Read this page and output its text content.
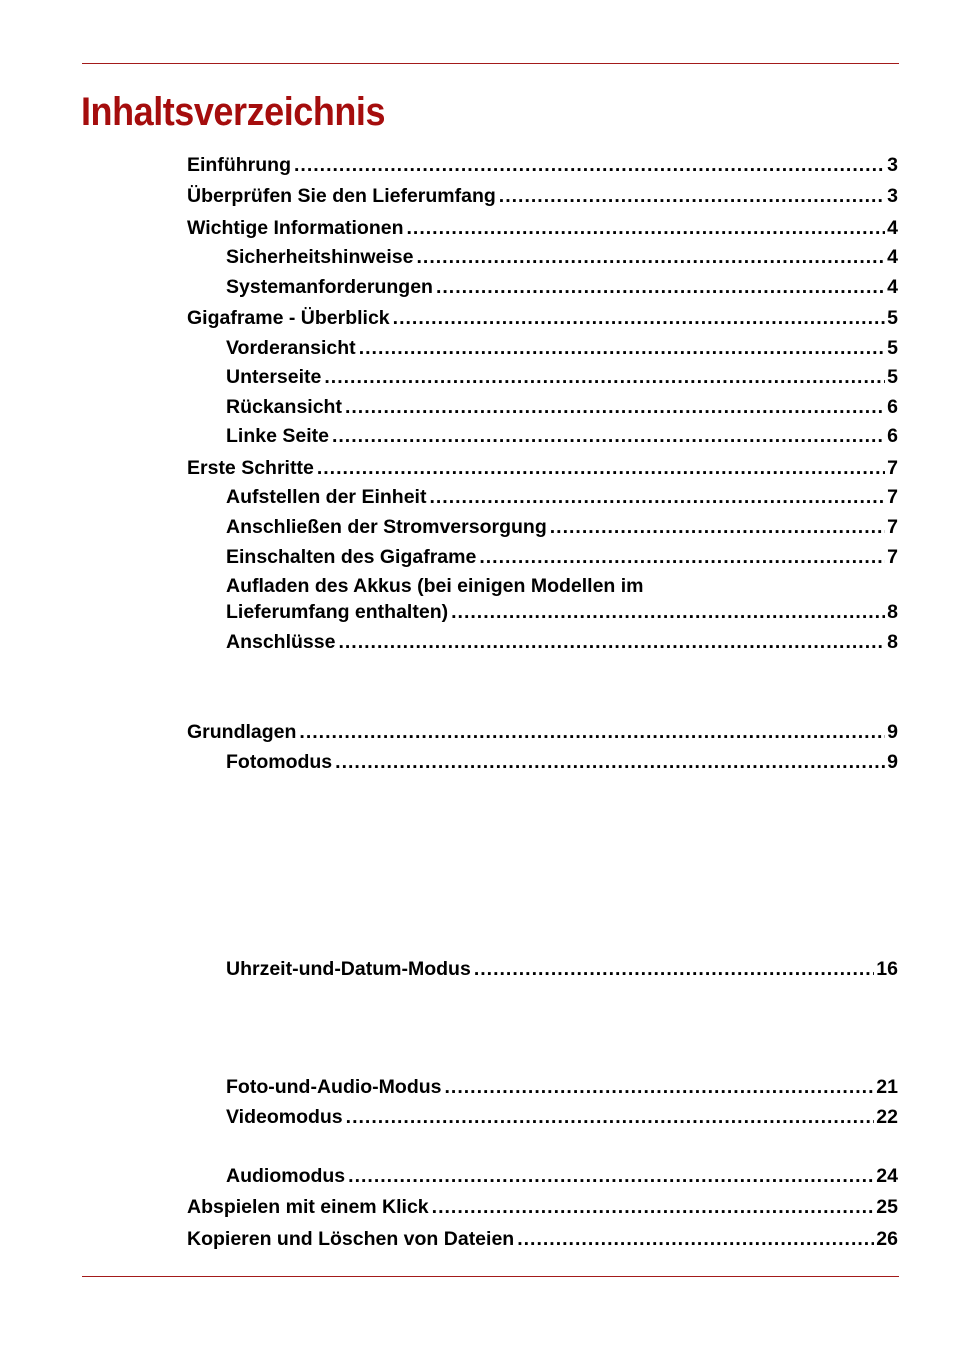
Inhaltsverzeichnis
Einführung .....	3
Überprüfen Sie den Lieferumfang .....	3
Wichtige Informationen .....	4
Sicherheitshinweise .....	4
Systemanforderungen .....	4
Gigaframe - Überblick .....	5
Vorderansicht .....	5
Unterseite .....	5
Rückansicht .....	6
Linke Seite .....	6
Erste Schritte .....	7
Aufstellen der Einheit .....	7
Anschließen der Stromversorgung .....	7
Einschalten des Gigaframe .....	7
Aufladen des Akkus (bei einigen Modellen im
Lieferumfang enthalten) .....	8
Anschlüsse .....	8
Grundlagen .....	9
Fotomodus .....	9
Uhrzeit-und-Datum-Modus .....	16
Foto-und-Audio-Modus .....	21
Videomodus .....	22
Audiomodus .....	24
Abspielen mit einem Klick .....	25
Kopieren und Löschen von Dateien .....	26
